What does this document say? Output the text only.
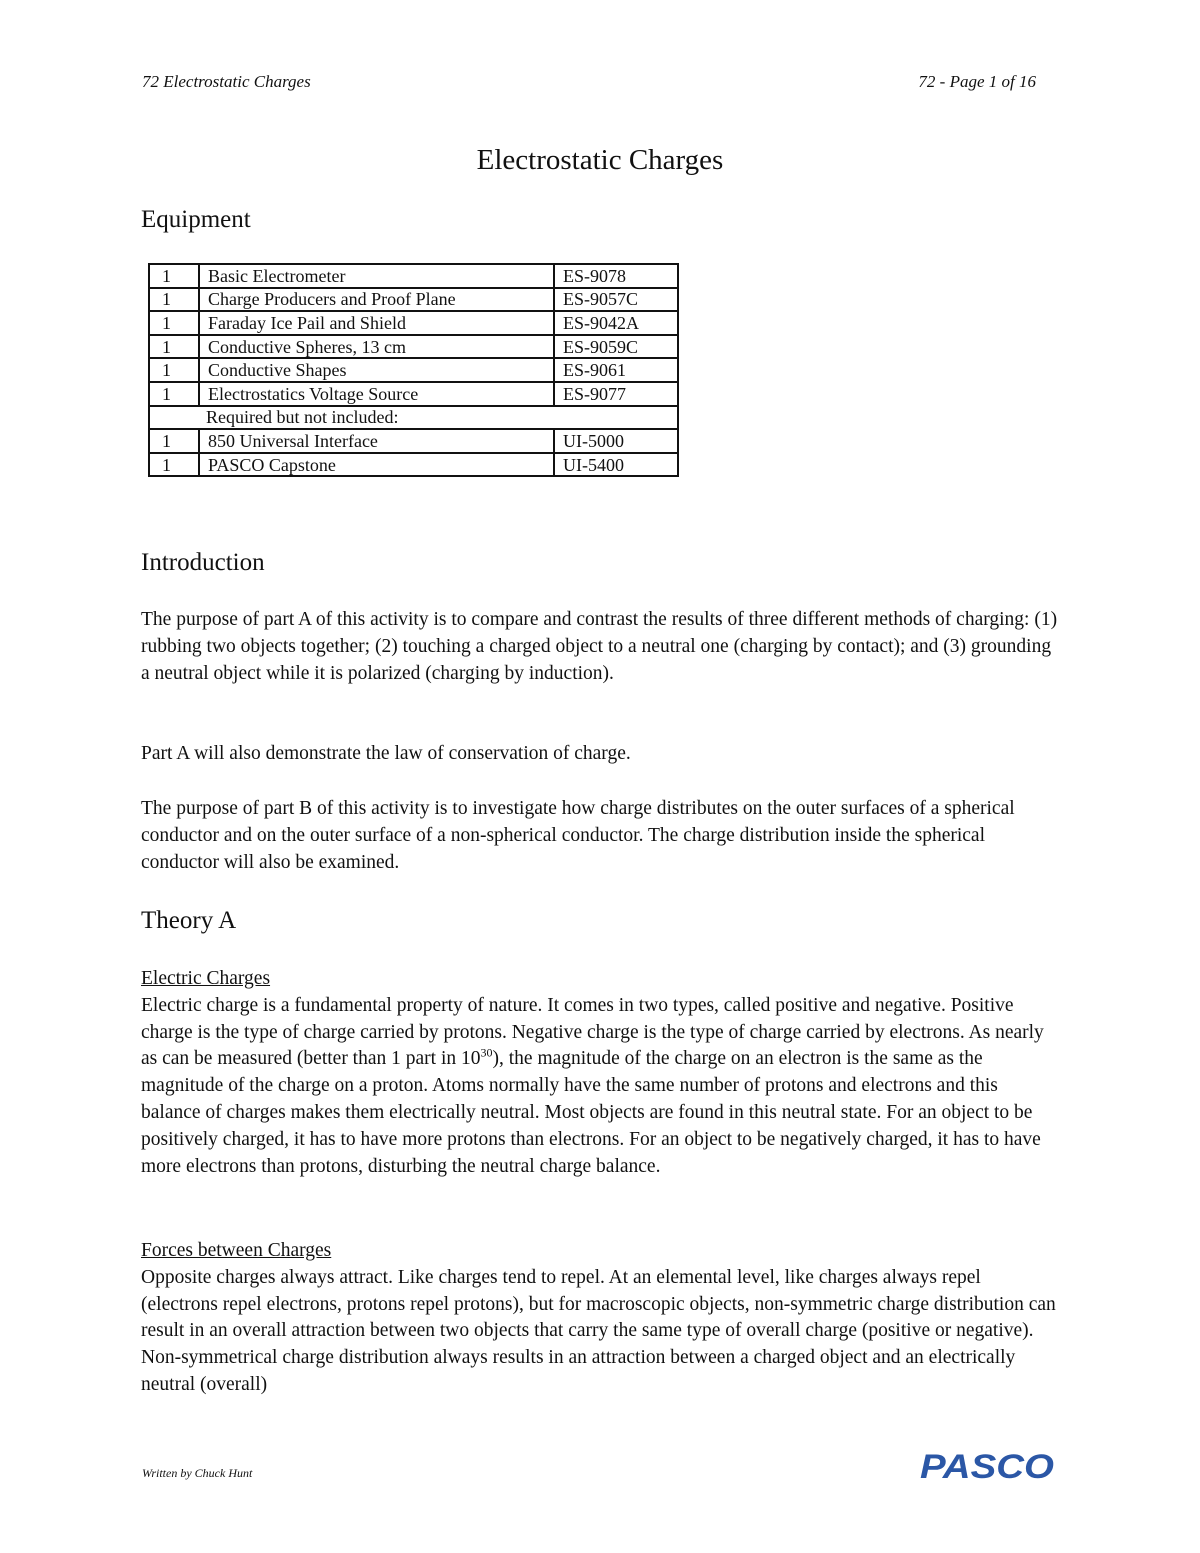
72 Electrostatic Charges	72 - Page 1 of 16
Electrostatic Charges
Equipment
1	Basic Electrometer	ES-9078
1	Charge Producers and Proof Plane	ES-9057C
1	Faraday Ice Pail and Shield	ES-9042A
1	Conductive Spheres, 13 cm	ES-9059C
1	Conductive Shapes	ES-9061
1	Electrostatics Voltage Source	ES-9077
Required but not included:		
1	850 Universal Interface	UI-5000
1	PASCO Capstone	UI-5400
Introduction

The purpose of part A of this activity is to compare and contrast the results of three different methods of charging: (1) rubbing two objects together; (2) touching a charged object to a neutral one (charging by contact); and (3) grounding a neutral object while it is polarized (charging by induction).

Part A will also demonstrate the law of conservation of charge.

The purpose of part B of this activity is to investigate how charge distributes on the outer surfaces of a spherical conductor and on the outer surface of a non-spherical conductor. The charge distribution inside the spherical conductor will also be examined.

Theory A
Electric Charges
Electric charge is a fundamental property of nature. It comes in two types, called positive and negative. Positive charge is the type of charge carried by protons. Negative charge is the type of charge carried by electrons. As nearly as can be measured (better than 1 part in $10^{30}$), the magnitude of the charge on an electron is the same as the magnitude of the charge on a proton. Atoms normally have the same number of protons and electrons and this balance of charges makes them electrically neutral. Most objects are found in this neutral state. For an object to be positively charged, it has to have more protons than electrons. For an object to be negatively charged, it has to have more electrons than protons, disturbing the neutral charge balance.
Forces between Charges
Opposite charges always attract. Like charges tend to repel. At an elemental level, like charges always repel (electrons repel electrons, protons repel protons), but for macroscopic objects, non-symmetric charge distribution can result in an overall attraction between two objects that carry the same type of overall charge (positive or negative). Non-symmetrical charge distribution always results in an attraction between a charged object and an electrically neutral (overall)
Written by Chuck Hunt	PASCO
